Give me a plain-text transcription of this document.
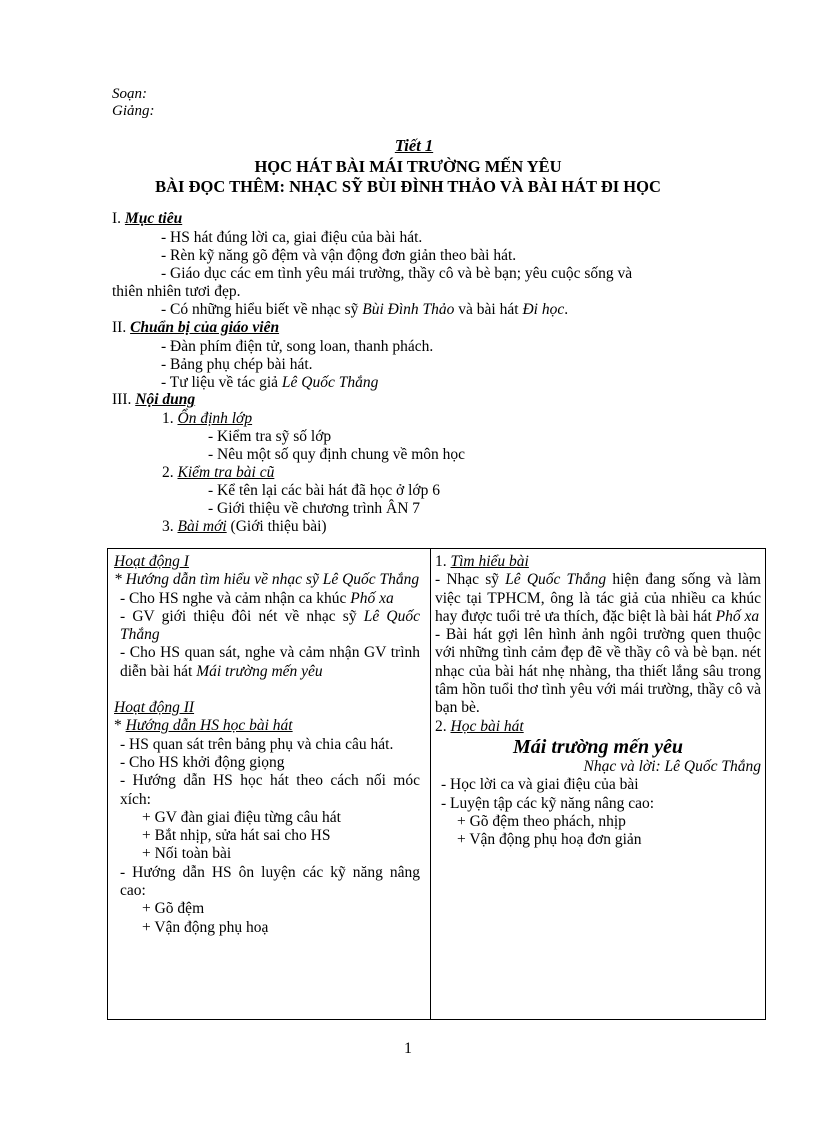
Soạn:
Giảng:
Tiết 1
HỌC HÁT BÀI MÁI TRƯỜNG MẾN YÊU
BÀI ĐỌC THÊM: NHẠC SỸ BÙI ĐÌNH THẢO VÀ BÀI HÁT ĐI HỌC
I. Mục tiêu
- HS hát đúng lời ca, giai điệu của bài hát.
- Rèn kỹ năng gõ đệm và vận động đơn giản theo bài hát.
- Giáo dục các em tình yêu mái trường, thầy cô và bè bạn; yêu cuộc sống và
thiên nhiên tươi đẹp.
- Có những hiểu biết về nhạc sỹ Bùi Đình Thảo và bài hát Đi học.
II. Chuẩn bị của giáo viên
- Đàn phím điện tử, song loan, thanh phách.
- Bảng phụ chép bài hát.
- Tư liệu về tác giả Lê Quốc Thắng
III. Nội dung
1. Ổn định lớp
- Kiểm tra sỹ số lớp
- Nêu một số quy định chung về môn học
2. Kiểm tra bài cũ
- Kể tên lại các bài hát đã học ở lớp 6
- Giới thiệu về chương trình ÂN 7
3. Bài mới (Giới thiệu bài)
Hoạt động I
* Hướng dẫn tìm hiểu về nhạc sỹ Lê Quốc Thắng
- Cho HS nghe và cảm nhận ca khúc Phố xa
- GV giới thiệu đôi nét về nhạc sỹ Lê Quốc Thắng
- Cho HS quan sát, nghe và cảm nhận GV trình diễn bài hát Mái trường mến yêu
Hoạt động II
* Hướng dẫn HS học bài hát
- HS quan sát trên bảng phụ và chia câu hát.
- Cho HS khởi động giọng
- Hướng dẫn HS học hát theo cách nối móc xích:
+ GV đàn giai điệu từng câu hát
+ Bắt nhịp, sửa hát sai cho HS
+ Nối toàn bài
- Hướng dẫn HS ôn luyện các kỹ năng nâng cao:
+ Gõ đệm
+ Vận động phụ hoạ
1. Tìm hiểu bài
- Nhạc sỹ Lê Quốc Thắng hiện đang sống và làm việc tại TPHCM, ông là tác giả của nhiều ca khúc hay được tuổi trẻ ưa thích, đặc biệt là bài hát Phố xa
- Bài hát gợi lên hình ảnh ngôi trường quen thuộc với những tình cảm đẹp đẽ về thầy cô và bè bạn. nét nhạc của bài hát nhẹ nhàng, tha thiết lắng sâu trong tâm hồn tuổi thơ tình yêu với mái trường, thầy cô và bạn bè.
2. Học bài hát
Mái trường mến yêu
Nhạc và lời: Lê Quốc Thắng
- Học lời ca và giai điệu của bài
- Luyện tập các kỹ năng nâng cao:
+ Gõ đệm theo phách, nhịp
+ Vận động phụ hoạ đơn giản
1
